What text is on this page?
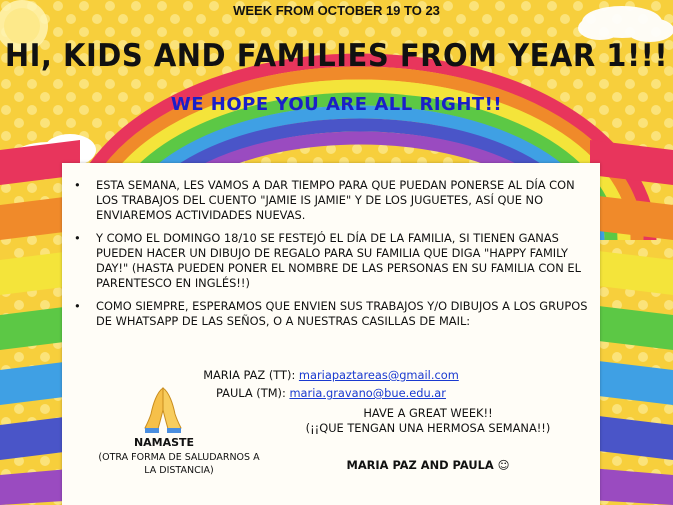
WEEK FROM OCTOBER 19 TO 23
HI, KIDS AND FAMILIES FROM YEAR 1!!!
WE HOPE YOU ARE ALL RIGHT!!
• ESTA SEMANA, LES VAMOS A DAR TIEMPO PARA QUE PUEDAN PONERSE AL DÍA CON LOS TRABAJOS DEL CUENTO "JAMIE IS JAMIE" Y DE LOS JUGUETES, ASÍ QUE NO ENVIAREMOS ACTIVIDADES NUEVAS.
• Y COMO EL DOMINGO 18/10 SE FESTEJÓ EL DÍA DE LA FAMILIA, SI TIENEN GANAS PUEDEN HACER UN DIBUJO DE REGALO PARA SU FAMILIA QUE DIGA "HAPPY FAMILY DAY!" (HASTA PUEDEN PONER EL NOMBRE DE LAS PERSONAS EN SU FAMILIA CON EL PARENTESCO EN INGLÉS!!)
• COMO SIEMPRE, ESPERAMOS QUE ENVIEN SUS TRABAJOS Y/O DIBUJOS A LOS GRUPOS DE WHATSAPP DE LAS SEÑOS, O A NUESTRAS CASILLAS DE MAIL:
MARIA PAZ (TT): mariapaztareas@gmail.com
PAULA (TM): maria.gravano@bue.edu.ar
NAMASTE
(OTRA FORMA DE SALUDARNOS A LA DISTANCIA)
HAVE A GREAT WEEK!!
(¡¡QUE TENGAN UNA HERMOSA SEMANA!!)
MARIA PAZ AND PAULA ☺
